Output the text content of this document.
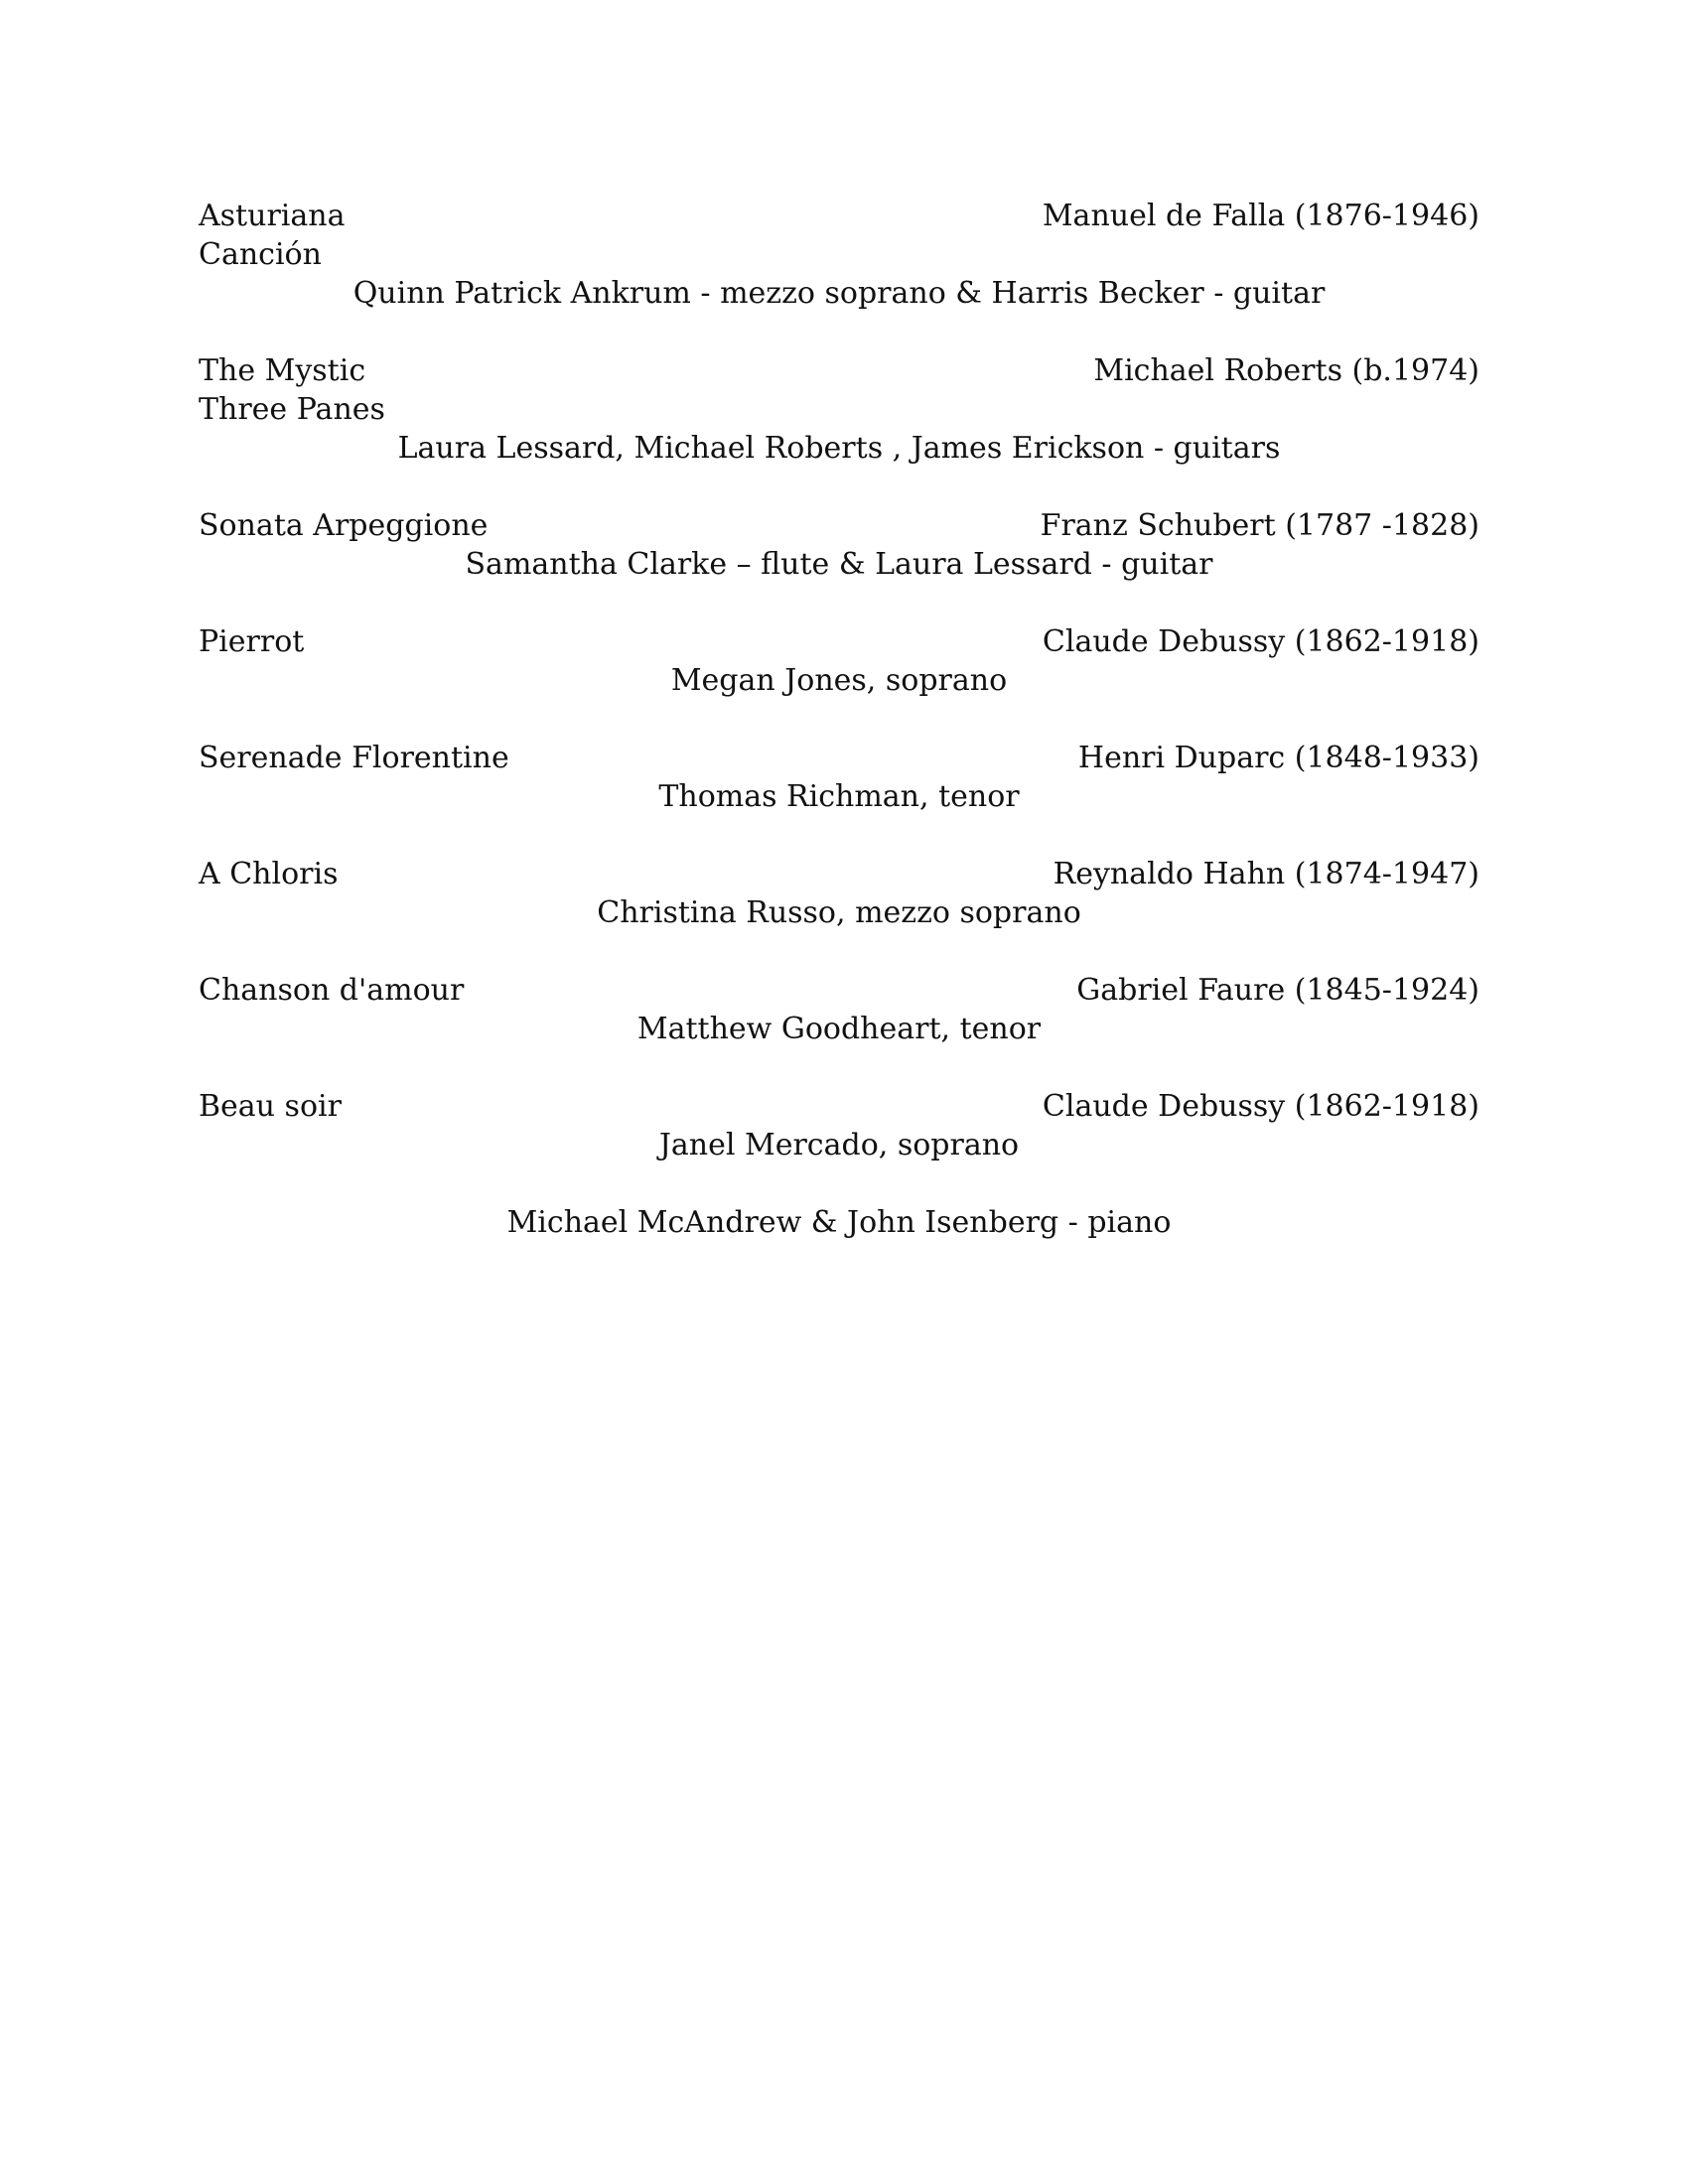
Asturiana	Manuel de Falla (1876-1946)
Canción
Quinn Patrick Ankrum - mezzo soprano & Harris Becker - guitar
The Mystic	Michael Roberts (b.1974)
Three Panes
Laura Lessard, Michael Roberts , James Erickson - guitars
Sonata Arpeggione	Franz Schubert (1787 -1828)
Samantha Clarke – flute & Laura Lessard - guitar
Pierrot	Claude Debussy (1862-1918)
Megan Jones, soprano
Serenade Florentine	Henri Duparc (1848-1933)
Thomas Richman, tenor
A Chloris	Reynaldo Hahn (1874-1947)
Christina Russo, mezzo soprano
Chanson d'amour	Gabriel Faure (1845-1924)
Matthew Goodheart, tenor
Beau soir	Claude Debussy (1862-1918)
Janel Mercado, soprano
Michael McAndrew & John Isenberg - piano
